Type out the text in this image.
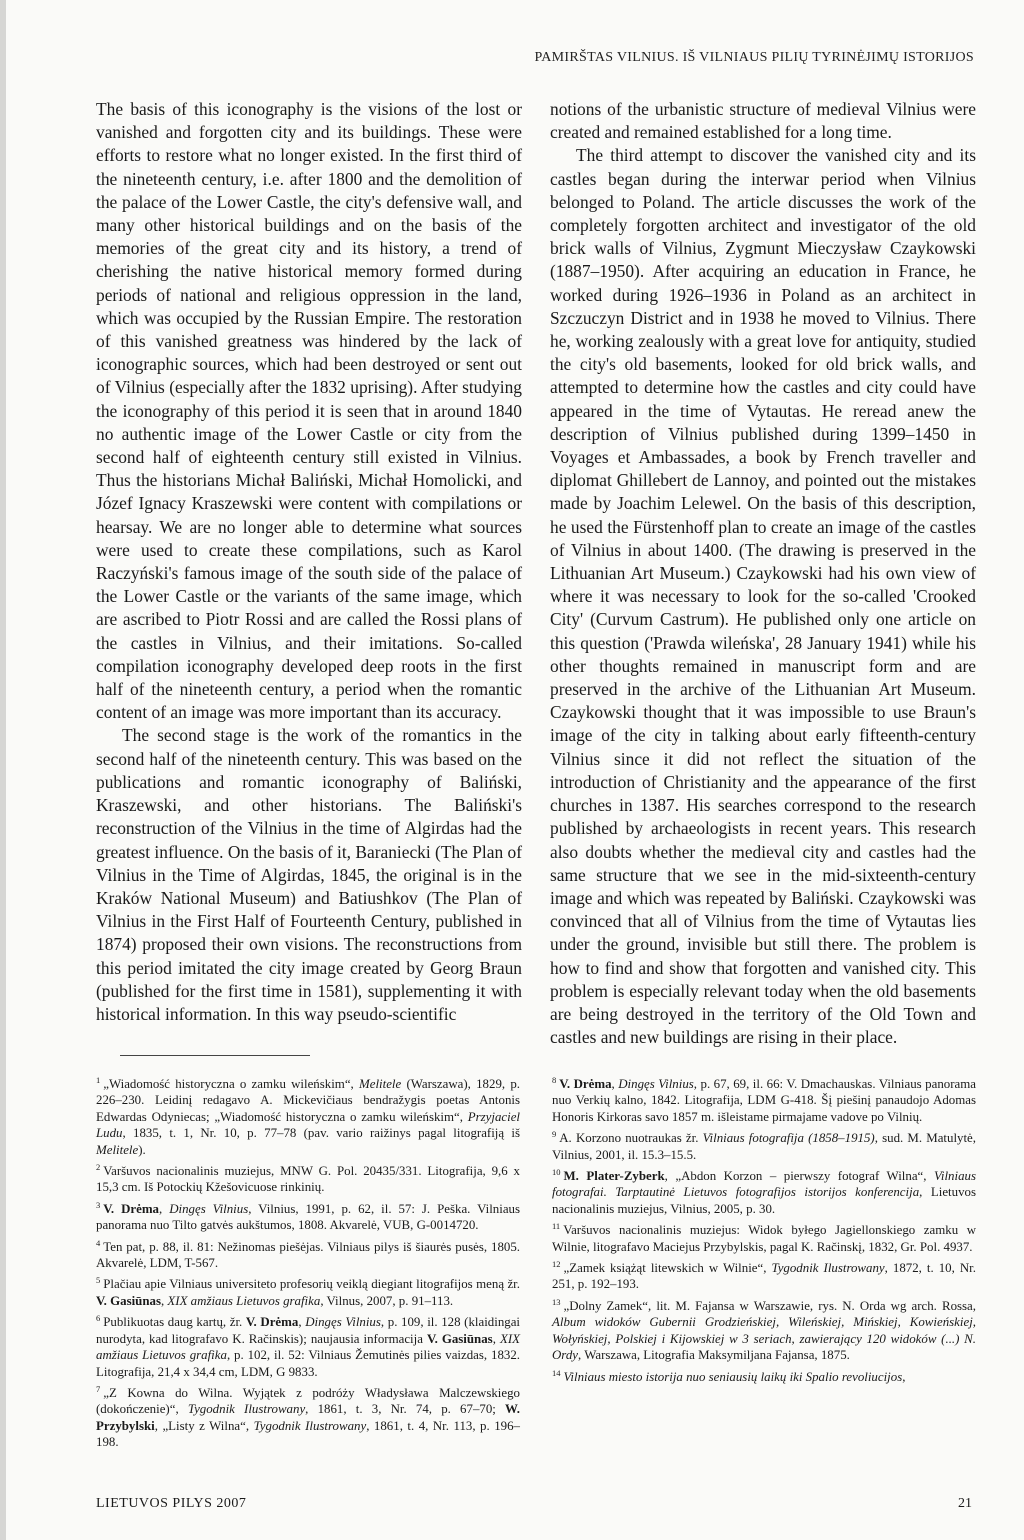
PAMIRŠTAS VILNIUS. IŠ VILNIAUS PILIŲ TYRINĖJIMŲ ISTORIJOS

The basis of this iconography is the visions of the lost or vanished and forgotten city and its buildings. These were efforts to restore what no longer existed. In the first third of the nineteenth century, i.e. after 1800 and the demolition of the palace of the Lower Castle, the city's defensive wall, and many other historical buildings and on the basis of the memories of the great city and its history, a trend of cherishing the native historical memory formed during periods of national and religious oppression in the land, which was occupied by the Russian Empire. The restoration of this vanished greatness was hindered by the lack of iconographic sources, which had been destroyed or sent out of Vilnius (especially after the 1832 uprising). After studying the iconography of this period it is seen that in around 1840 no authentic image of the Lower Castle or city from the second half of eighteenth century still existed in Vilnius. Thus the historians Michał Baliński, Michał Homolicki, and Józef Ignacy Kraszewski were content with compilations or hearsay. We are no longer able to determine what sources were used to create these compilations, such as Karol Raczyński's famous image of the south side of the palace of the Lower Castle or the variants of the same image, which are ascribed to Piotr Rossi and are called the Rossi plans of the castles in Vilnius, and their imitations. So-called compilation iconography developed deep roots in the first half of the nineteenth century, a period when the romantic content of an image was more important than its accuracy.

The second stage is the work of the romantics in the second half of the nineteenth century. This was based on the publications and romantic iconography of Baliński, Kraszewski, and other historians. The Baliński's reconstruction of the Vilnius in the time of Algirdas had the greatest influence. On the basis of it, Baraniecki (The Plan of Vilnius in the Time of Algirdas, 1845, the original is in the Kraków National Museum) and Batiushkov (The Plan of Vilnius in the First Half of Fourteenth Century, published in 1874) proposed their own visions. The reconstructions from this period imitated the city image created by Georg Braun (published for the first time in 1581), supplementing it with historical information. In this way pseudo-scientific

notions of the urbanistic structure of medieval Vilnius were created and remained established for a long time.

The third attempt to discover the vanished city and its castles began during the interwar period when Vilnius belonged to Poland. The article discusses the work of the completely forgotten architect and investigator of the old brick walls of Vilnius, Zygmunt Mieczysław Czaykowski (1887–1950). After acquiring an education in France, he worked during 1926–1936 in Poland as an architect in Szczuczyn District and in 1938 he moved to Vilnius. There he, working zealously with a great love for antiquity, studied the city's old basements, looked for old brick walls, and attempted to determine how the castles and city could have appeared in the time of Vytautas. He reread anew the description of Vilnius published during 1399–1450 in Voyages et Ambassades, a book by French traveller and diplomat Ghillebert de Lannoy, and pointed out the mistakes made by Joachim Lelewel. On the basis of this description, he used the Fürstenhoff plan to create an image of the castles of Vilnius in about 1400. (The drawing is preserved in the Lithuanian Art Museum.) Czaykowski had his own view of where it was necessary to look for the so-called 'Crooked City' (Curvum Castrum). He published only one article on this question ('Prawda wileńska', 28 January 1941) while his other thoughts remained in manuscript form and are preserved in the archive of the Lithuanian Art Museum. Czaykowski thought that it was impossible to use Braun's image of the city in talking about early fifteenth-century Vilnius since it did not reflect the situation of the introduction of Christianity and the appearance of the first churches in 1387. His searches correspond to the research published by archaeologists in recent years. This research also doubts whether the medieval city and castles had the same structure that we see in the mid-sixteenth-century image and which was repeated by Baliński. Czaykowski was convinced that all of Vilnius from the time of Vytautas lies under the ground, invisible but still there. The problem is how to find and show that forgotten and vanished city. This problem is especially relevant today when the old basements are being destroyed in the territory of the Old Town and castles and new buildings are rising in their place.

$^1$ „Wiadomość historyczna o zamku wileńskim“, Melitele (Warszawa), 1829, p. 226–230. Leidinį redagavo A. Mickevičiaus bendražygis poetas Antonis Edwardas Odyniecas; „Wiadomość historyczna o zamku wileńskim“, Przyjaciel Ludu, 1835, t. 1, Nr. 10, p. 77–78 (pav. vario raižinys pagal litografiją iš Melitele).

$^2$ Varšuvos nacionalinis muziejus, MNW G. Pol. 20435/331. Litografija, 9,6 x 15,3 cm. Iš Potockių Kžešovicuose rinkinių.

$^3$ V. Drėma, Dingęs Vilnius, Vilnius, 1991, p. 62, il. 57: J. Peška. Vilniaus panorama nuo Tilto gatvės aukštumos, 1808. Akvarelė, VUB, G-0014720.

$^4$ Ten pat, p. 88, il. 81: Nežinomas piešėjas. Vilniaus pilys iš šiaurės pusės, 1805. Akvarelė, LDM, T-567.

$^5$ Plačiau apie Vilniaus universiteto profesorių veiklą diegiant litografijos meną žr. V. Gasiūnas, XIX amžiaus Lietuvos grafika, Vilnus, 2007, p. 91–113.

$^6$ Publikuotas daug kartų, žr. V. Drėma, Dingęs Vilnius, p. 109, il. 128 (klaidingai nurodyta, kad litografavo K. Račinskis); naujausia informacija V. Gasiūnas, XIX amžiaus Lietuvos grafika, p. 102, il. 52: Vilniaus Žemutinės pilies vaizdas, 1832. Litografija, 21,4 x 34,4 cm, LDM, G 9833.

$^7$ „Z Kowna do Wilna. Wyjątek z podróży Władysława Malczewskiego (dokończenie)“, Tygodnik Ilustrowany, 1861, t. 3, Nr. 74, p. 67–70; W. Przybylski, „Listy z Wilna“, Tygodnik Ilustrowany, 1861, t. 4, Nr. 113, p. 196–198.

$^8$ V. Drėma, Dingęs Vilnius, p. 67, 69, il. 66: V. Dmachauskas. Vilniaus panorama nuo Verkių kalno, 1842. Litografija, LDM G-418. Šį piešinį panaudojo Adomas Honoris Kirkoras savo 1857 m. išleistame pirmajame vadove po Vilnių.

$^9$ A. Korzono nuotraukas žr. Vilniaus fotografija (1858–1915), sud. M. Matulytė, Vilnius, 2001, il. 15.3–15.5.

$^{10}$ M. Plater-Zyberk, „Abdon Korzon – pierwszy fotograf Wilna“, Vilniaus fotografai. Tarptautinė Lietuvos fotografijos istorijos konferencija, Lietuvos nacionalinis muziejus, Vilnius, 2005, p. 30.

$^{11}$ Varšuvos nacionalinis muziejus: Widok byłego Jagiellonskiego zamku w Wilnie, litografavo Maciejus Przybylskis, pagal K. Račinskį, 1832, Gr. Pol. 4937.

$^{12}$ „Zamek książąt litewskich w Wilnie“, Tygodnik Ilustrowany, 1872, t. 10, Nr. 251, p. 192–193.

$^{13}$ „Dolny Zamek“, lit. M. Fajansa w Warszawie, rys. N. Orda wg arch. Rossa, Album widoków Gubernii Grodzieńskiej, Wileńskiej, Mińskiej, Kowieńskiej, Wołyńskiej, Polskiej i Kijowskiej w 3 seriach, zawierający 120 widoków (...) N. Ordy, Warszawa, Litografia Maksymiljana Fajansa, 1875.

$^{14}$ Vilniaus miesto istorija nuo seniausių laikų iki Spalio revoliucijos,

LIETUVOS PILYS 2007	21
